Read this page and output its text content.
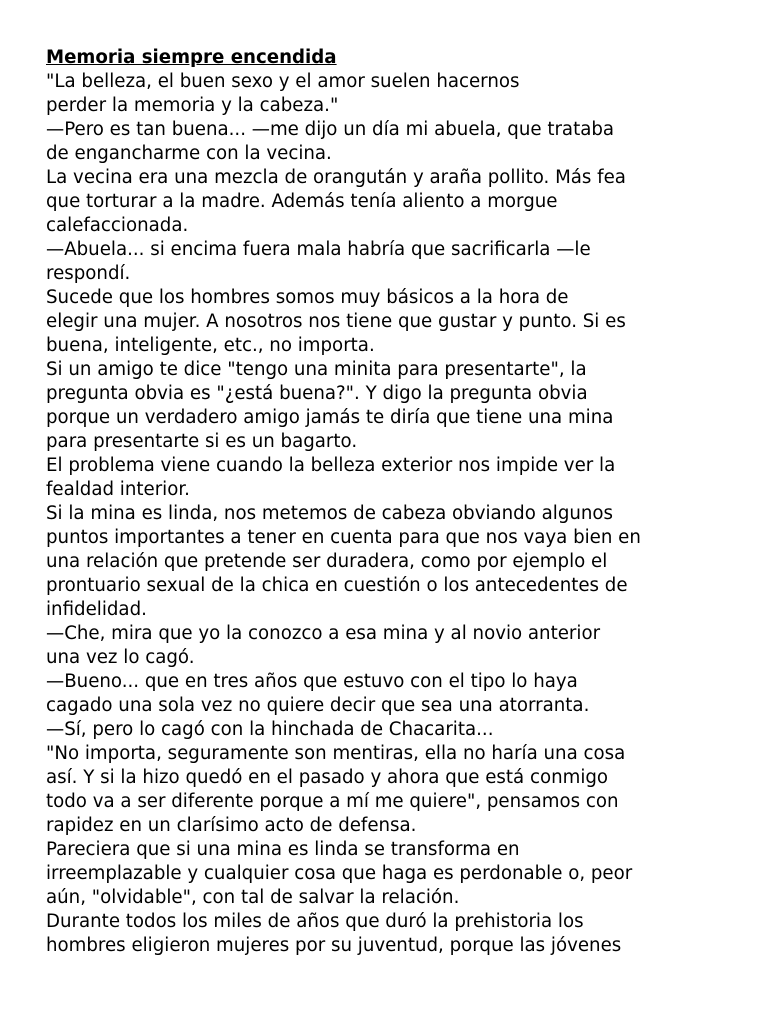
Memoria siempre encendida
"La belleza, el buen sexo y el amor suelen hacernos
perder la memoria y la cabeza."
—Pero es tan buena... —me dijo un día mi abuela, que trataba
de engancharme con la vecina.
La vecina era una mezcla de orangután y araña pollito. Más fea
que torturar a la madre. Además tenía aliento a morgue
calefaccionada.
—Abuela... si encima fuera mala habría que sacrificarla —le
respondí.
Sucede que los hombres somos muy básicos a la hora de
elegir una mujer. A nosotros nos tiene que gustar y punto. Si es
buena, inteligente, etc., no importa.
Si un amigo te dice "tengo una minita para presentarte", la
pregunta obvia es "¿está buena?". Y digo la pregunta obvia
porque un verdadero amigo jamás te diría que tiene una mina
para presentarte si es un bagarto.
El problema viene cuando la belleza exterior nos impide ver la
fealdad interior.
Si la mina es linda, nos metemos de cabeza obviando algunos
puntos importantes a tener en cuenta para que nos vaya bien en
una relación que pretende ser duradera, como por ejemplo el
prontuario sexual de la chica en cuestión o los antecedentes de
infidelidad.
—Che, mira que yo la conozco a esa mina y al novio anterior
una vez lo cagó.
—Bueno... que en tres años que estuvo con el tipo lo haya
cagado una sola vez no quiere decir que sea una atorranta.
—Sí, pero lo cagó con la hinchada de Chacarita...
"No importa, seguramente son mentiras, ella no haría una cosa
así. Y si la hizo quedó en el pasado y ahora que está conmigo
todo va a ser diferente porque a mí me quiere", pensamos con
rapidez en un clarísimo acto de defensa.
Pareciera que si una mina es linda se transforma en
irreemplazable y cualquier cosa que haga es perdonable o, peor
aún, "olvidable", con tal de salvar la relación.
Durante todos los miles de años que duró la prehistoria los
hombres eligieron mujeres por su juventud, porque las jóvenes
